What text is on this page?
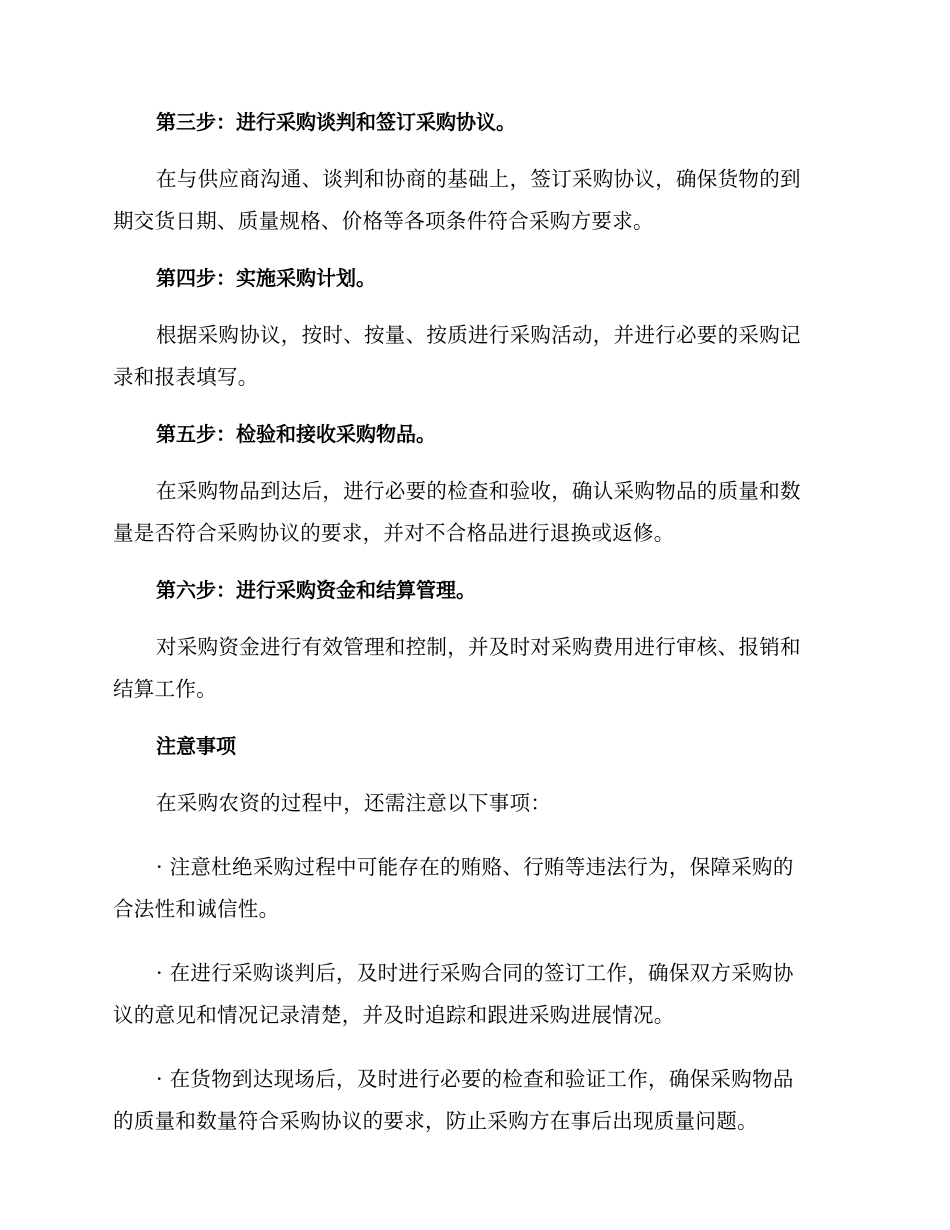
第三步：进行采购谈判和签订采购协议。

在与供应商沟通、谈判和协商的基础上，签订采购协议，确保货物的到
期交货日期、质量规格、价格等各项条件符合采购方要求。

第四步：实施采购计划。

根据采购协议，按时、按量、按质进行采购活动，并进行必要的采购记
录和报表填写。

第五步：检验和接收采购物品。

在采购物品到达后，进行必要的检查和验收，确认采购物品的质量和数
量是否符合采购协议的要求，并对不合格品进行退换或返修。

第六步：进行采购资金和结算管理。

对采购资金进行有效管理和控制，并及时对采购费用进行审核、报销和
结算工作。

注意事项

在采购农资的过程中，还需注意以下事项：

· 注意杜绝采购过程中可能存在的贿赂、行贿等违法行为，保障采购的
合法性和诚信性。

· 在进行采购谈判后，及时进行采购合同的签订工作，确保双方采购协
议的意见和情况记录清楚，并及时追踪和跟进采购进展情况。

· 在货物到达现场后，及时进行必要的检查和验证工作，确保采购物品
的质量和数量符合采购协议的要求，防止采购方在事后出现质量问题。
